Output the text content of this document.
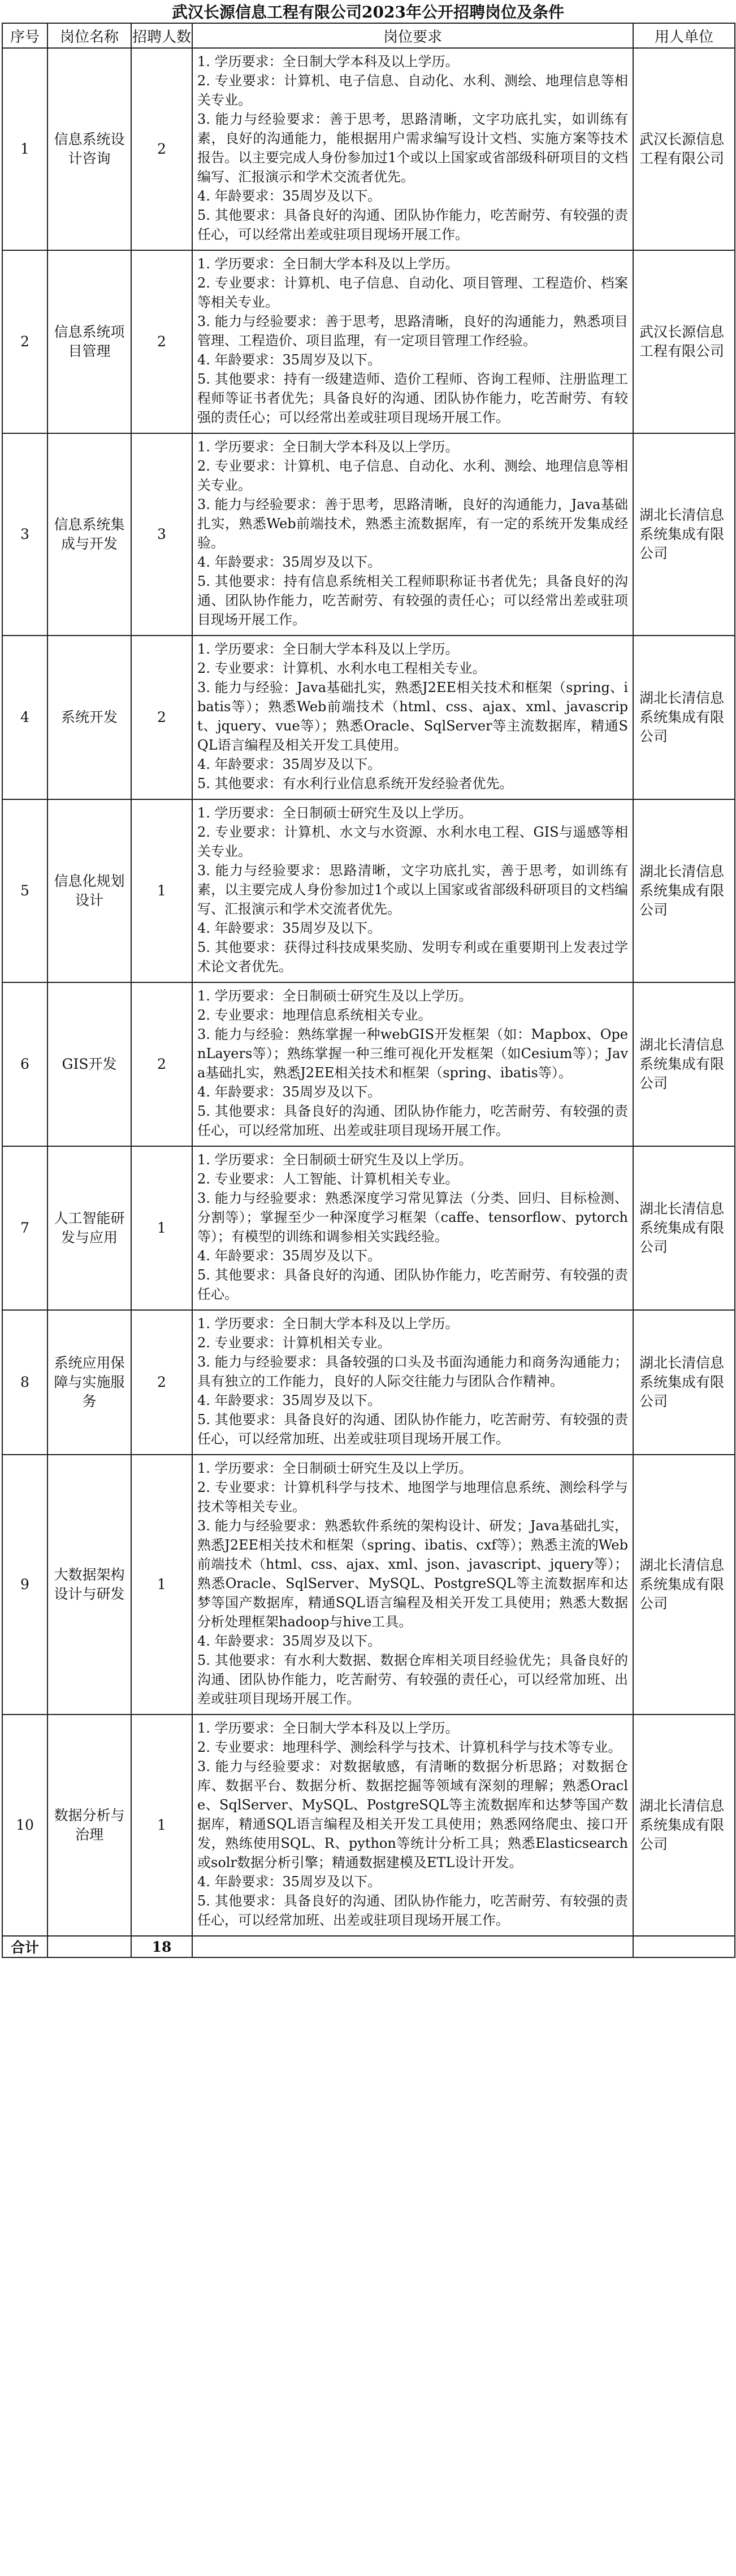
武汉长源信息工程有限公司2023年公开招聘岗位及条件
序号	岗位名称	招聘人数	岗位要求	用人单位
1	信息系统设计咨询	2	1. 学历要求：全日制大学本科及以上学历。
2. 专业要求：计算机、电子信息、自动化、水利、测绘、地理信息等相关专业。
3. 能力与经验要求：善于思考，思路清晰，文字功底扎实，如训练有素，良好的沟通能力，能根据用户需求编写设计文档、实施方案等技术报告。以主要完成人身份参加过1个或以上国家或省部级科研项目的文档编写、汇报演示和学术交流者优先。
4. 年龄要求：35周岁及以下。
5. 其他要求：具备良好的沟通、团队协作能力，吃苦耐劳、有较强的责任心，可以经常出差或驻项目现场开展工作。	武汉长源信息工程有限公司
2	信息系统项目管理	2	1. 学历要求：全日制大学本科及以上学历。
2. 专业要求：计算机、电子信息、自动化、项目管理、工程造价、档案等相关专业。
3. 能力与经验要求：善于思考，思路清晰，良好的沟通能力，熟悉项目管理、工程造价、项目监理，有一定项目管理工作经验。
4. 年龄要求：35周岁及以下。
5. 其他要求：持有一级建造师、造价工程师、咨询工程师、注册监理工程师等证书者优先；具备良好的沟通、团队协作能力，吃苦耐劳、有较强的责任心；可以经常出差或驻项目现场开展工作。	武汉长源信息工程有限公司
3	信息系统集成与开发	3	1. 学历要求：全日制大学本科及以上学历。
2. 专业要求：计算机、电子信息、自动化、水利、测绘、地理信息等相关专业。
3. 能力与经验要求：善于思考，思路清晰，良好的沟通能力，Java基础扎实，熟悉Web前端技术，熟悉主流数据库，有一定的系统开发集成经验。
4. 年龄要求：35周岁及以下。
5. 其他要求：持有信息系统相关工程师职称证书者优先；具备良好的沟通、团队协作能力，吃苦耐劳、有较强的责任心；可以经常出差或驻项目现场开展工作。	湖北长清信息系统集成有限公司
4	系统开发	2	1. 学历要求：全日制大学本科及以上学历。
2. 专业要求：计算机、水利水电工程相关专业。
3. 能力与经验：Java基础扎实，熟悉J2EE相关技术和框架（spring、ibatis等）；熟悉Web前端技术（html、css、ajax、xml、javascript、jquery、vue等）；熟悉Oracle、SqlServer等主流数据库，精通SQL语言编程及相关开发工具使用。
4. 年龄要求：35周岁及以下。
5. 其他要求：有水利行业信息系统开发经验者优先。	湖北长清信息系统集成有限公司
5	信息化规划设计	1	1. 学历要求：全日制硕士研究生及以上学历。
2. 专业要求：计算机、水文与水资源、水利水电工程、GIS与遥感等相关专业。
3. 能力与经验要求：思路清晰，文字功底扎实，善于思考，如训练有素，以主要完成人身份参加过1个或以上国家或省部级科研项目的文档编写、汇报演示和学术交流者优先。
4. 年龄要求：35周岁及以下。
5. 其他要求：获得过科技成果奖励、发明专利或在重要期刊上发表过学术论文者优先。	湖北长清信息系统集成有限公司
6	GIS开发	2	1. 学历要求：全日制硕士研究生及以上学历。
2. 专业要求：地理信息系统相关专业。
3. 能力与经验：熟练掌握一种webGIS开发框架（如：Mapbox、OpenLayers等）；熟练掌握一种三维可视化开发框架（如Cesium等）；Java基础扎实，熟悉J2EE相关技术和框架（spring、ibatis等）。
4. 年龄要求：35周岁及以下。
5. 其他要求：具备良好的沟通、团队协作能力，吃苦耐劳、有较强的责任心，可以经常加班、出差或驻项目现场开展工作。	湖北长清信息系统集成有限公司
7	人工智能研发与应用	1	1. 学历要求：全日制硕士研究生及以上学历。
2. 专业要求：人工智能、计算机相关专业。
3. 能力与经验要求：熟悉深度学习常见算法（分类、回归、目标检测、分割等）；掌握至少一种深度学习框架（caffe、tensorflow、pytorch等）；有模型的训练和调参相关实践经验。
4. 年龄要求：35周岁及以下。
5. 其他要求：具备良好的沟通、团队协作能力，吃苦耐劳、有较强的责任心。	湖北长清信息系统集成有限公司
8	系统应用保障与实施服务	2	1. 学历要求：全日制大学本科及以上学历。
2. 专业要求：计算机相关专业。
3. 能力与经验要求：具备较强的口头及书面沟通能力和商务沟通能力；具有独立的工作能力，良好的人际交往能力与团队合作精神。
4. 年龄要求：35周岁及以下。
5. 其他要求：具备良好的沟通、团队协作能力，吃苦耐劳、有较强的责任心，可以经常加班、出差或驻项目现场开展工作。	湖北长清信息系统集成有限公司
9	大数据架构设计与研发	1	1. 学历要求：全日制硕士研究生及以上学历。
2. 专业要求：计算机科学与技术、地图学与地理信息系统、测绘科学与技术等相关专业。
3. 能力与经验要求：熟悉软件系统的架构设计、研发；Java基础扎实，熟悉J2EE相关技术和框架（spring、ibatis、cxf等）；熟悉主流的Web前端技术（html、css、ajax、xml、json、javascript、jquery等）；熟悉Oracle、SqlServer、MySQL、PostgreSQL等主流数据库和达梦等国产数据库，精通SQL语言编程及相关开发工具使用；熟悉大数据分析处理框架hadoop与hive工具。
4. 年龄要求：35周岁及以下。
5. 其他要求：有水利大数据、数据仓库相关项目经验优先；具备良好的沟通、团队协作能力，吃苦耐劳、有较强的责任心，可以经常加班、出差或驻项目现场开展工作。	湖北长清信息系统集成有限公司
10	数据分析与治理	1	1. 学历要求：全日制大学本科及以上学历。
2. 专业要求：地理科学、测绘科学与技术、计算机科学与技术等专业。
3. 能力与经验要求：对数据敏感，有清晰的数据分析思路；对数据仓库、数据平台、数据分析、数据挖掘等领域有深刻的理解；熟悉Oracle、SqlServer、MySQL、PostgreSQL等主流数据库和达梦等国产数据库，精通SQL语言编程及相关开发工具使用；熟悉网络爬虫、接口开发，熟练使用SQL、R、python等统计分析工具；熟悉Elasticsearch或solr数据分析引擎；精通数据建模及ETL设计开发。
4. 年龄要求：35周岁及以下。
5. 其他要求：具备良好的沟通、团队协作能力，吃苦耐劳、有较强的责任心，可以经常加班、出差或驻项目现场开展工作。	湖北长清信息系统集成有限公司
合计		18		
